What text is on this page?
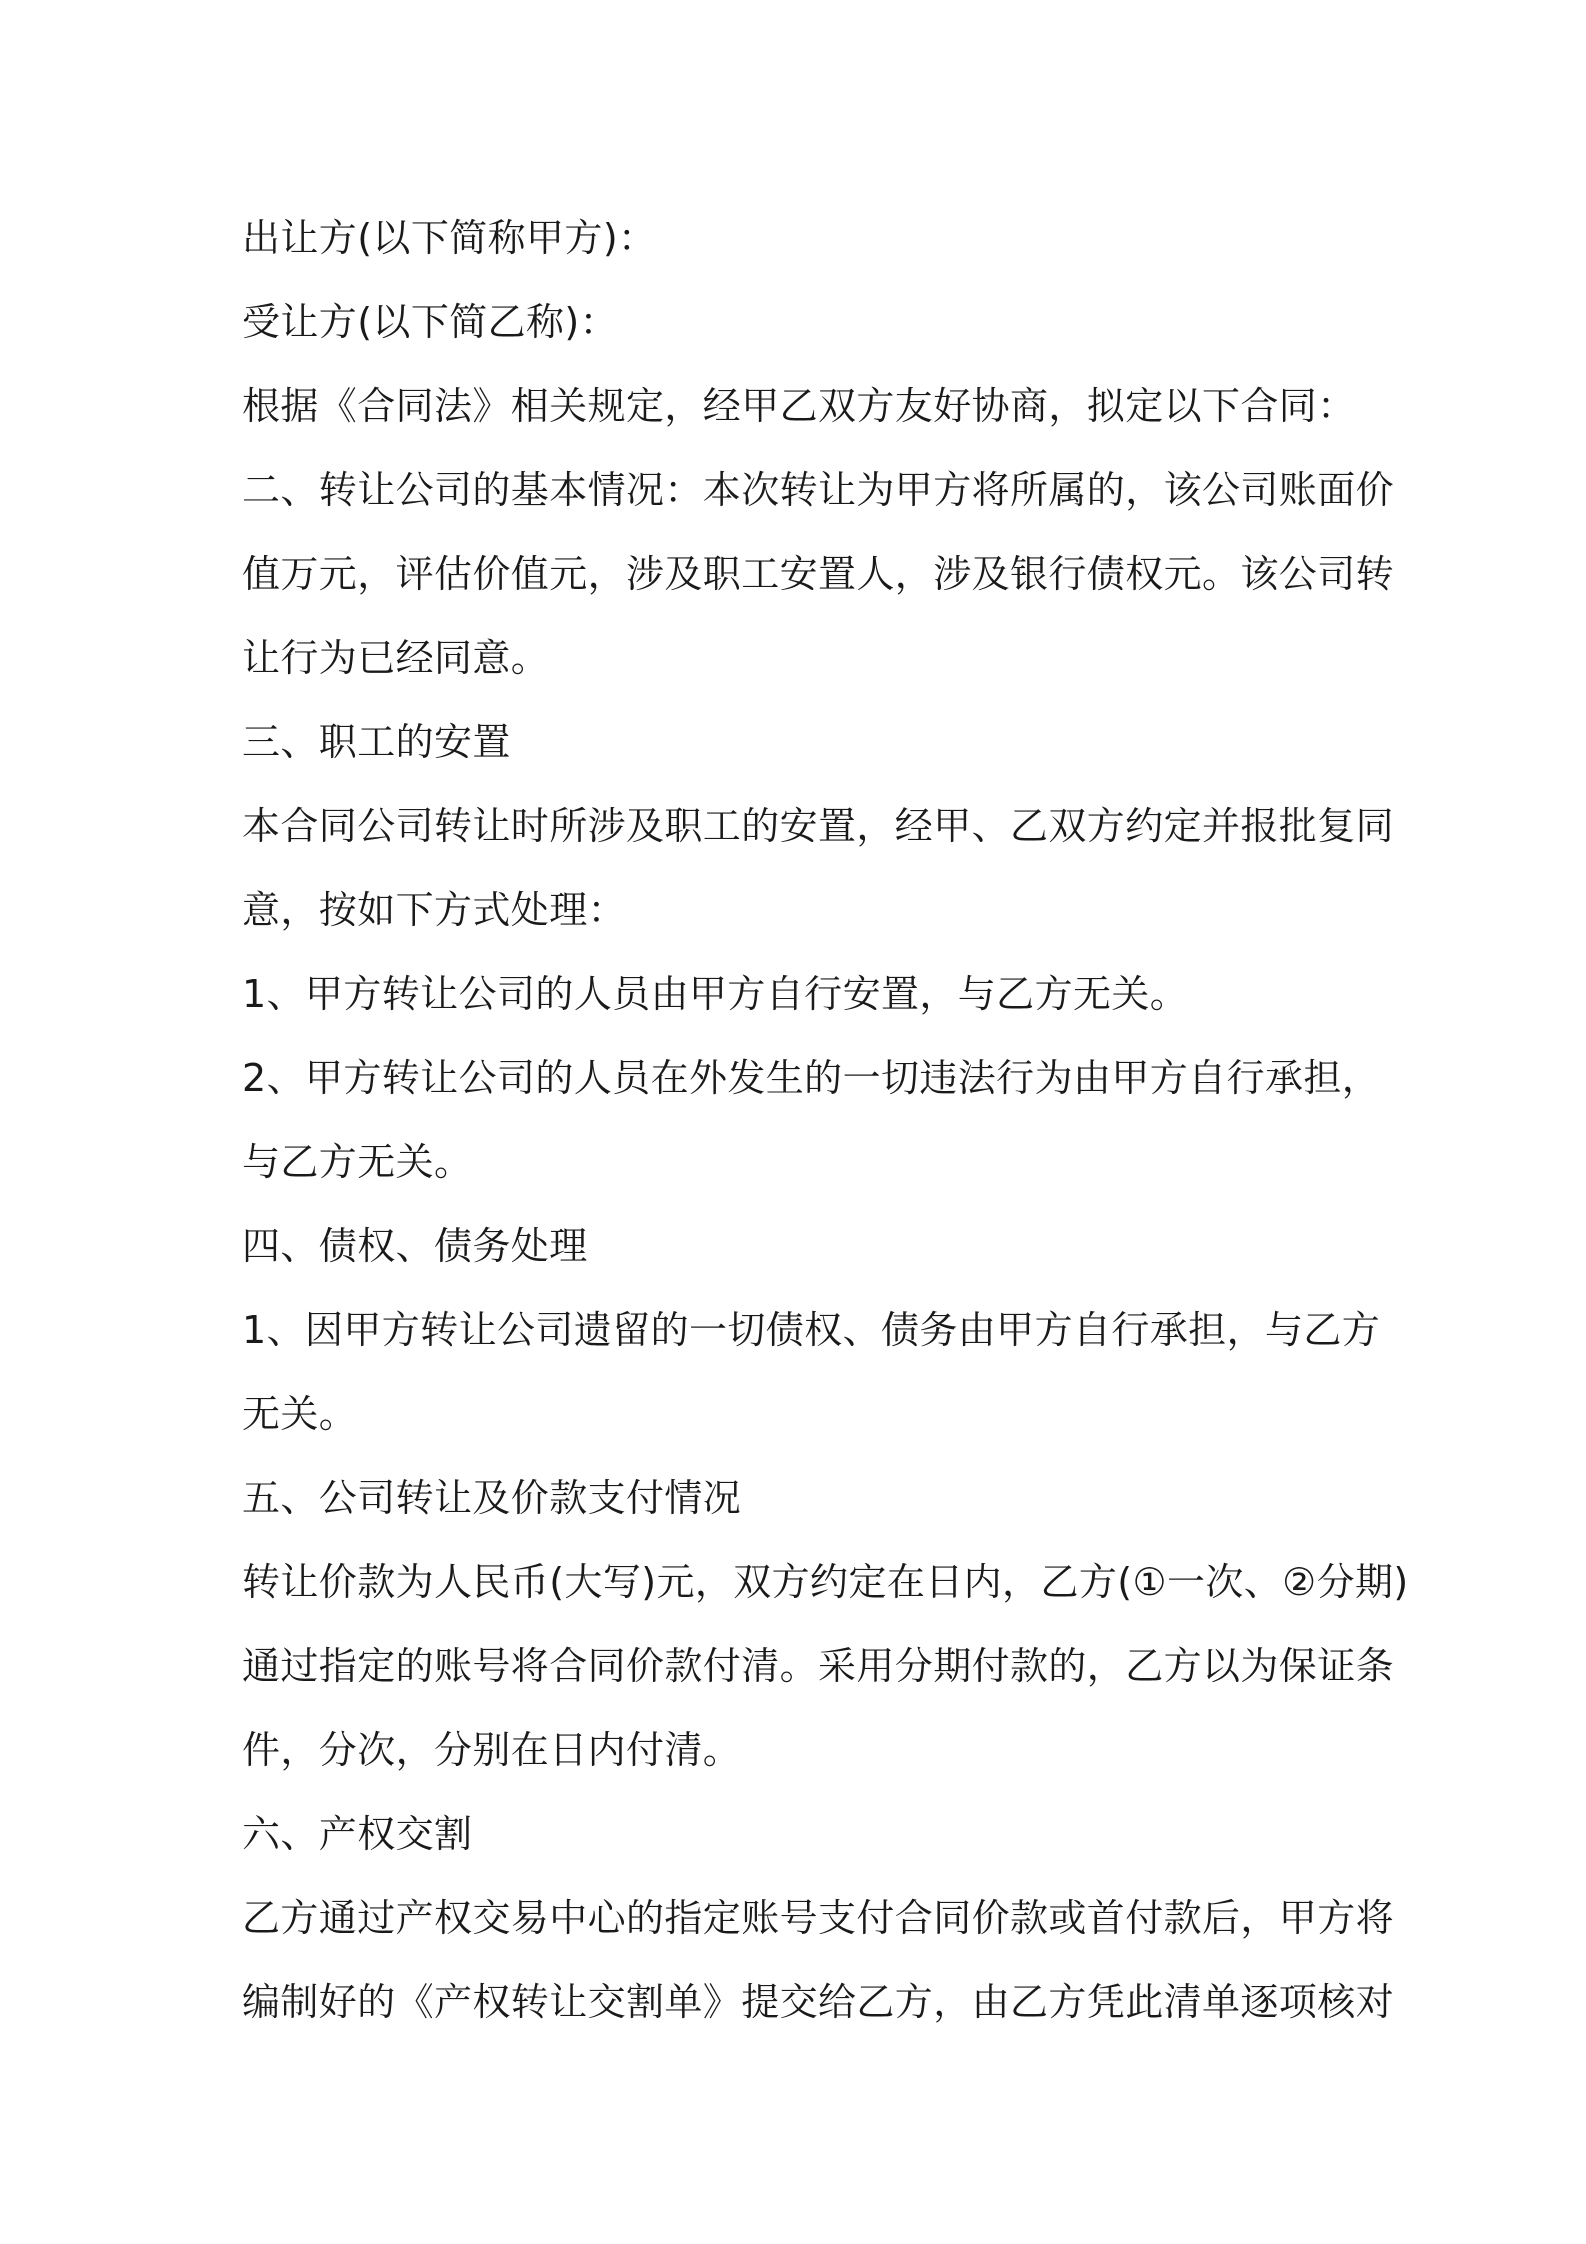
出让方(以下简称甲方)：
受让方(以下简乙称)：
根据《合同法》相关规定，经甲乙双方友好协商，拟定以下合同：
二、转让公司的基本情况：本次转让为甲方将所属的，该公司账面价
值万元，评估价值元，涉及职工安置人，涉及银行债权元。该公司转
让行为已经同意。
三、职工的安置
本合同公司转让时所涉及职工的安置，经甲、乙双方约定并报批复同
意，按如下方式处理：
1、甲方转让公司的人员由甲方自行安置，与乙方无关。
2、甲方转让公司的人员在外发生的一切违法行为由甲方自行承担，
与乙方无关。
四、债权、债务处理
1、因甲方转让公司遗留的一切债权、债务由甲方自行承担，与乙方
无关。
五、公司转让及价款支付情况
转让价款为人民币(大写)元，双方约定在日内，乙方(①一次、②分期)
通过指定的账号将合同价款付清。采用分期付款的，乙方以为保证条
件，分次，分别在日内付清。
六、产权交割
乙方通过产权交易中心的指定账号支付合同价款或首付款后，甲方将
编制好的《产权转让交割单》提交给乙方，由乙方凭此清单逐项核对
